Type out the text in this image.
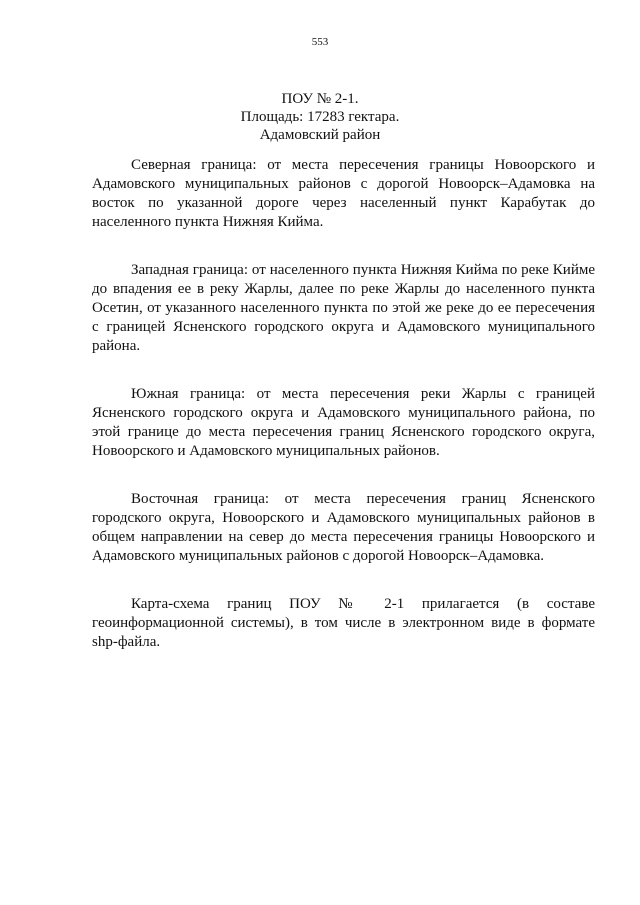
553
ПОУ № 2-1.
Площадь: 17283 гектара.
Адамовский район

Северная граница: от места пересечения границы Новоорского и Адамовского муниципальных районов с дорогой Новоорск–Адамовка на восток по указанной дороге через населенный пункт Карабутак до населенного пункта Нижняя Кийма.

Западная граница: от населенного пункта Нижняя Кийма по реке Кийме до впадения ее в реку Жарлы, далее по реке Жарлы до населенного пункта Осетин, от указанного населенного пункта по этой же реке до ее пересечения с границей Ясненского городского округа и Адамовского муниципального района.

Южная граница: от места пересечения реки Жарлы с границей Ясненского городского округа и Адамовского муниципального района, по этой границе до места пересечения границ Ясненского городского округа, Новоорского и Адамовского муниципальных районов.

Восточная граница: от места пересечения границ Ясненского городского округа, Новоорского и Адамовского муниципальных районов в общем направлении на север до места пересечения границы Новоорского и Адамовского муниципальных районов с дорогой Новоорск–Адамовка.

Карта-схема границ ПОУ № 2-1 прилагается (в составе геоинформационной системы), в том числе в электронном виде в формате shp-файла.
